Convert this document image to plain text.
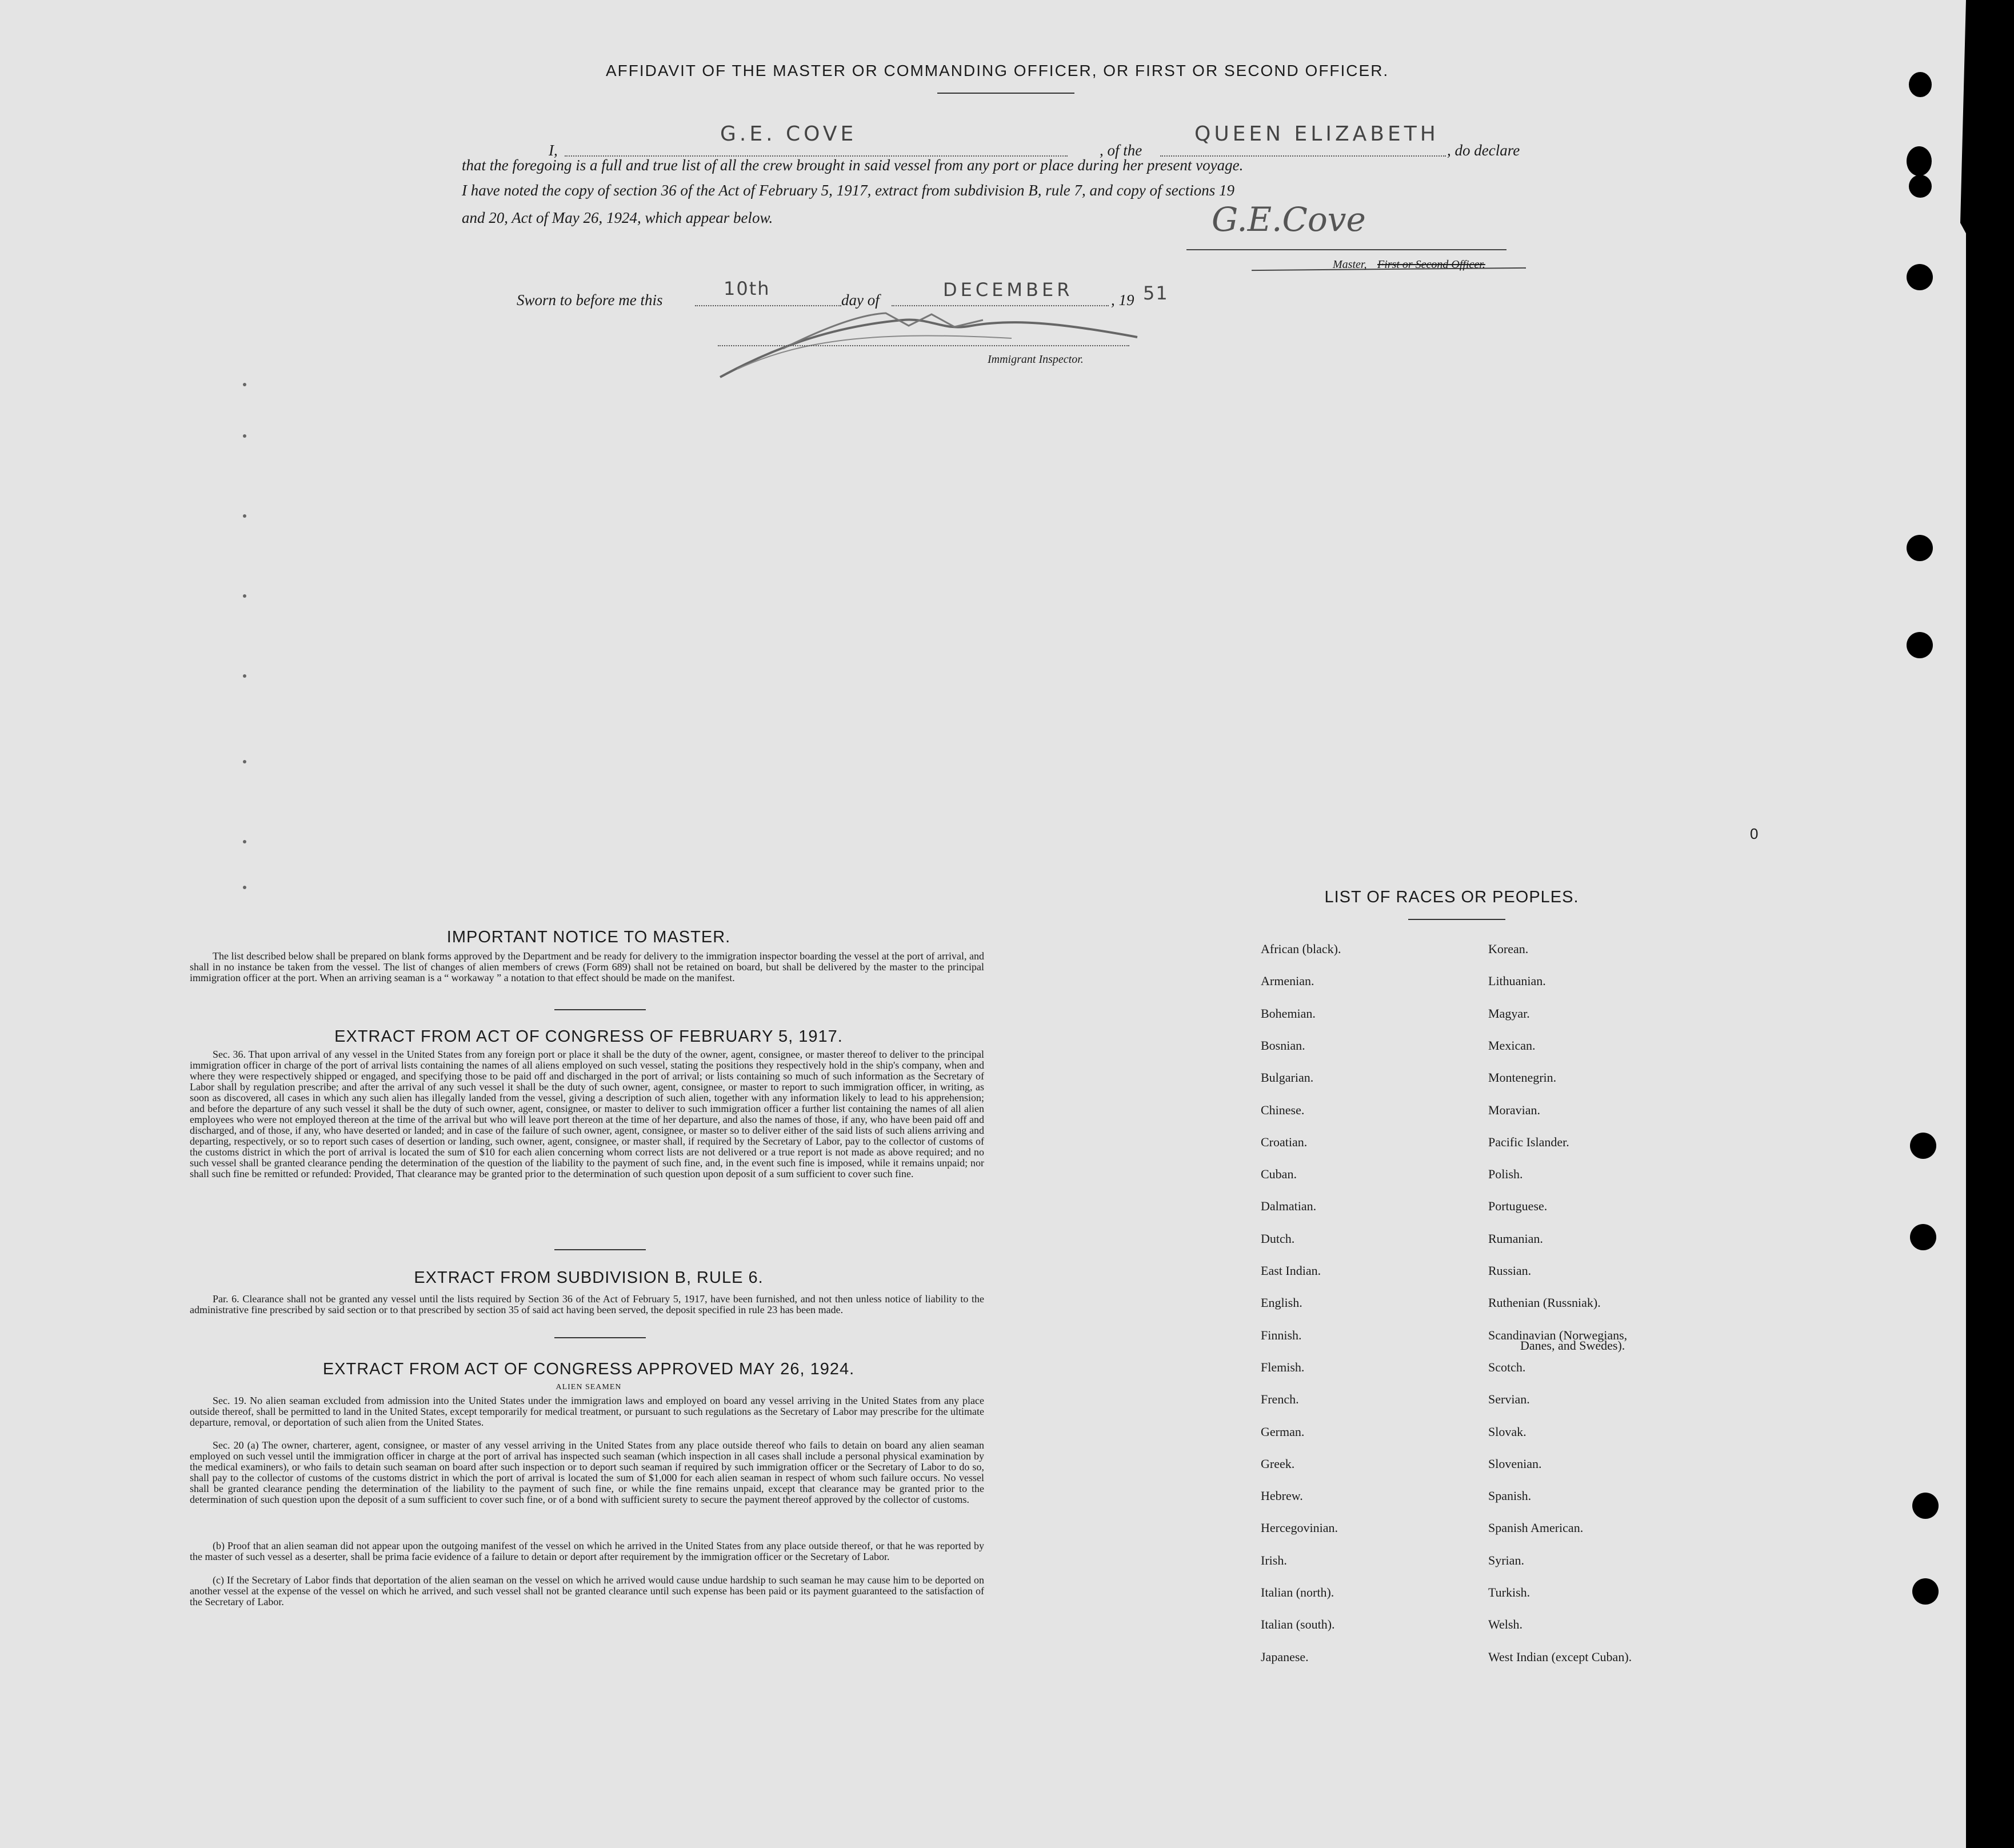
AFFIDAVIT OF THE MASTER OR COMMANDING OFFICER, OR FIRST OR SECOND OFFICER.
I,
G.E. COVE
, of the
QUEEN ELIZABETH
, do declare
that the foregoing is a full and true list of all the crew brought in said vessel from any port or place during her present voyage.
I have noted the copy of section 36 of the Act of February 5, 1917, extract from subdivision B, rule 7, and copy of sections 19
and 20, Act of May 26, 1924, which appear below.	G.E.Cove
Master, First or Second Officer.
Sworn to before me this
10th
day of	DECEMBER , 19 51
Immigrant Inspector.
0
IMPORTANT NOTICE TO MASTER.
The list described below shall be prepared on blank forms approved by the Department and be ready for delivery to the immigration inspector boarding the vessel at the port of arrival, and shall in no instance be taken from the vessel. The list of changes of alien members of crews (Form 689) shall not be retained on board, but shall be delivered by the master to the principal immigration officer at the port. When an arriving seaman is a “ workaway ” a notation to that effect should be made on the manifest.
EXTRACT FROM ACT OF CONGRESS OF FEBRUARY 5, 1917.
Sec. 36. That upon arrival of any vessel in the United States from any foreign port or place it shall be the duty of the owner, agent, consignee, or master thereof to deliver to the principal immigration officer in charge of the port of arrival lists containing the names of all aliens employed on such vessel, stating the positions they respectively hold in the ship's company, when and where they were respectively shipped or engaged, and specifying those to be paid off and discharged in the port of arrival; or lists containing so much of such information as the Secretary of Labor shall by regulation prescribe; and after the arrival of any such vessel it shall be the duty of such owner, agent, consignee, or master to report to such immigration officer, in writing, as soon as discovered, all cases in which any such alien has illegally landed from the vessel, giving a description of such alien, together with any information likely to lead to his apprehension; and before the departure of any such vessel it shall be the duty of such owner, agent, consignee, or master to deliver to such immigration officer a further list containing the names of all alien employees who were not employed thereon at the time of the arrival but who will leave port thereon at the time of her departure, and also the names of those, if any, who have been paid off and discharged, and of those, if any, who have deserted or landed; and in case of the failure of such owner, agent, consignee, or master so to deliver either of the said lists of such aliens arriving and departing, respectively, or so to report such cases of desertion or landing, such owner, agent, consignee, or master shall, if required by the Secretary of Labor, pay to the collector of customs of the customs district in which the port of arrival is located the sum of $10 for each alien concerning whom correct lists are not delivered or a true report is not made as above required; and no such vessel shall be granted clearance pending the determination of the question of the liability to the payment of such fine, and, in the event such fine is imposed, while it remains unpaid; nor shall such fine be remitted or refunded: Provided, That clearance may be granted prior to the determination of such question upon deposit of a sum sufficient to cover such fine.
EXTRACT FROM SUBDIVISION B, RULE 6.
Par. 6. Clearance shall not be granted any vessel until the lists required by Section 36 of the Act of February 5, 1917, have been furnished, and not then unless notice of liability to the administrative fine prescribed by said section or to that prescribed by section 35 of said act having been served, the deposit specified in rule 23 has been made.
EXTRACT FROM ACT OF CONGRESS APPROVED MAY 26, 1924.
ALIEN SEAMEN
Sec. 19. No alien seaman excluded from admission into the United States under the immigration laws and employed on board any vessel arriving in the United States from any place outside thereof, shall be permitted to land in the United States, except temporarily for medical treatment, or pursuant to such regulations as the Secretary of Labor may prescribe for the ultimate departure, removal, or deportation of such alien from the United States.
Sec. 20 (a) The owner, charterer, agent, consignee, or master of any vessel arriving in the United States from any place outside thereof who fails to detain on board any alien seaman employed on such vessel until the immigration officer in charge at the port of arrival has inspected such seaman (which inspection in all cases shall include a personal physical examination by the medical examiners), or who fails to detain such seaman on board after such inspection or to deport such seaman if required by such immigration officer or the Secretary of Labor to do so, shall pay to the collector of customs of the customs district in which the port of arrival is located the sum of $1,000 for each alien seaman in respect of whom such failure occurs. No vessel shall be granted clearance pending the determination of the liability to the payment of such fine, or while the fine remains unpaid, except that clearance may be granted prior to the determination of such question upon the deposit of a sum sufficient to cover such fine, or of a bond with sufficient surety to secure the payment thereof approved by the collector of customs.
(b) Proof that an alien seaman did not appear upon the outgoing manifest of the vessel on which he arrived in the United States from any place outside thereof, or that he was reported by the master of such vessel as a deserter, shall be prima facie evidence of a failure to detain or deport after requirement by the immigration officer or the Secretary of Labor.
(c) If the Secretary of Labor finds that deportation of the alien seaman on the vessel on which he arrived would cause undue hardship to such seaman he may cause him to be deported on another vessel at the expense of the vessel on which he arrived, and such vessel shall not be granted clearance until such expense has been paid or its payment guaranteed to the satisfaction of the Secretary of Labor.
LIST OF RACES OR PEOPLES.
African (black).
Armenian.
Bohemian.
Bosnian.
Bulgarian.
Chinese.
Croatian.
Cuban.
Dalmatian.
Dutch.
East Indian.
English.
Finnish.
Flemish.
French.
German.
Greek.
Hebrew.
Hercegovinian.
Irish.
Italian (north).
Italian (south).
Japanese.
Korean.
Lithuanian.
Magyar.
Mexican.
Montenegrin.
Moravian.
Pacific Islander.
Polish.
Portuguese.
Rumanian.
Russian.
Ruthenian (Russniak).
Scandinavian (Norwegians,
Scotch.
Servian.
Slovak.
Slovenian.
Spanish.
Spanish American.
Syrian.
Turkish.
Welsh.
West Indian (except Cuban).
Danes, and Swedes).
